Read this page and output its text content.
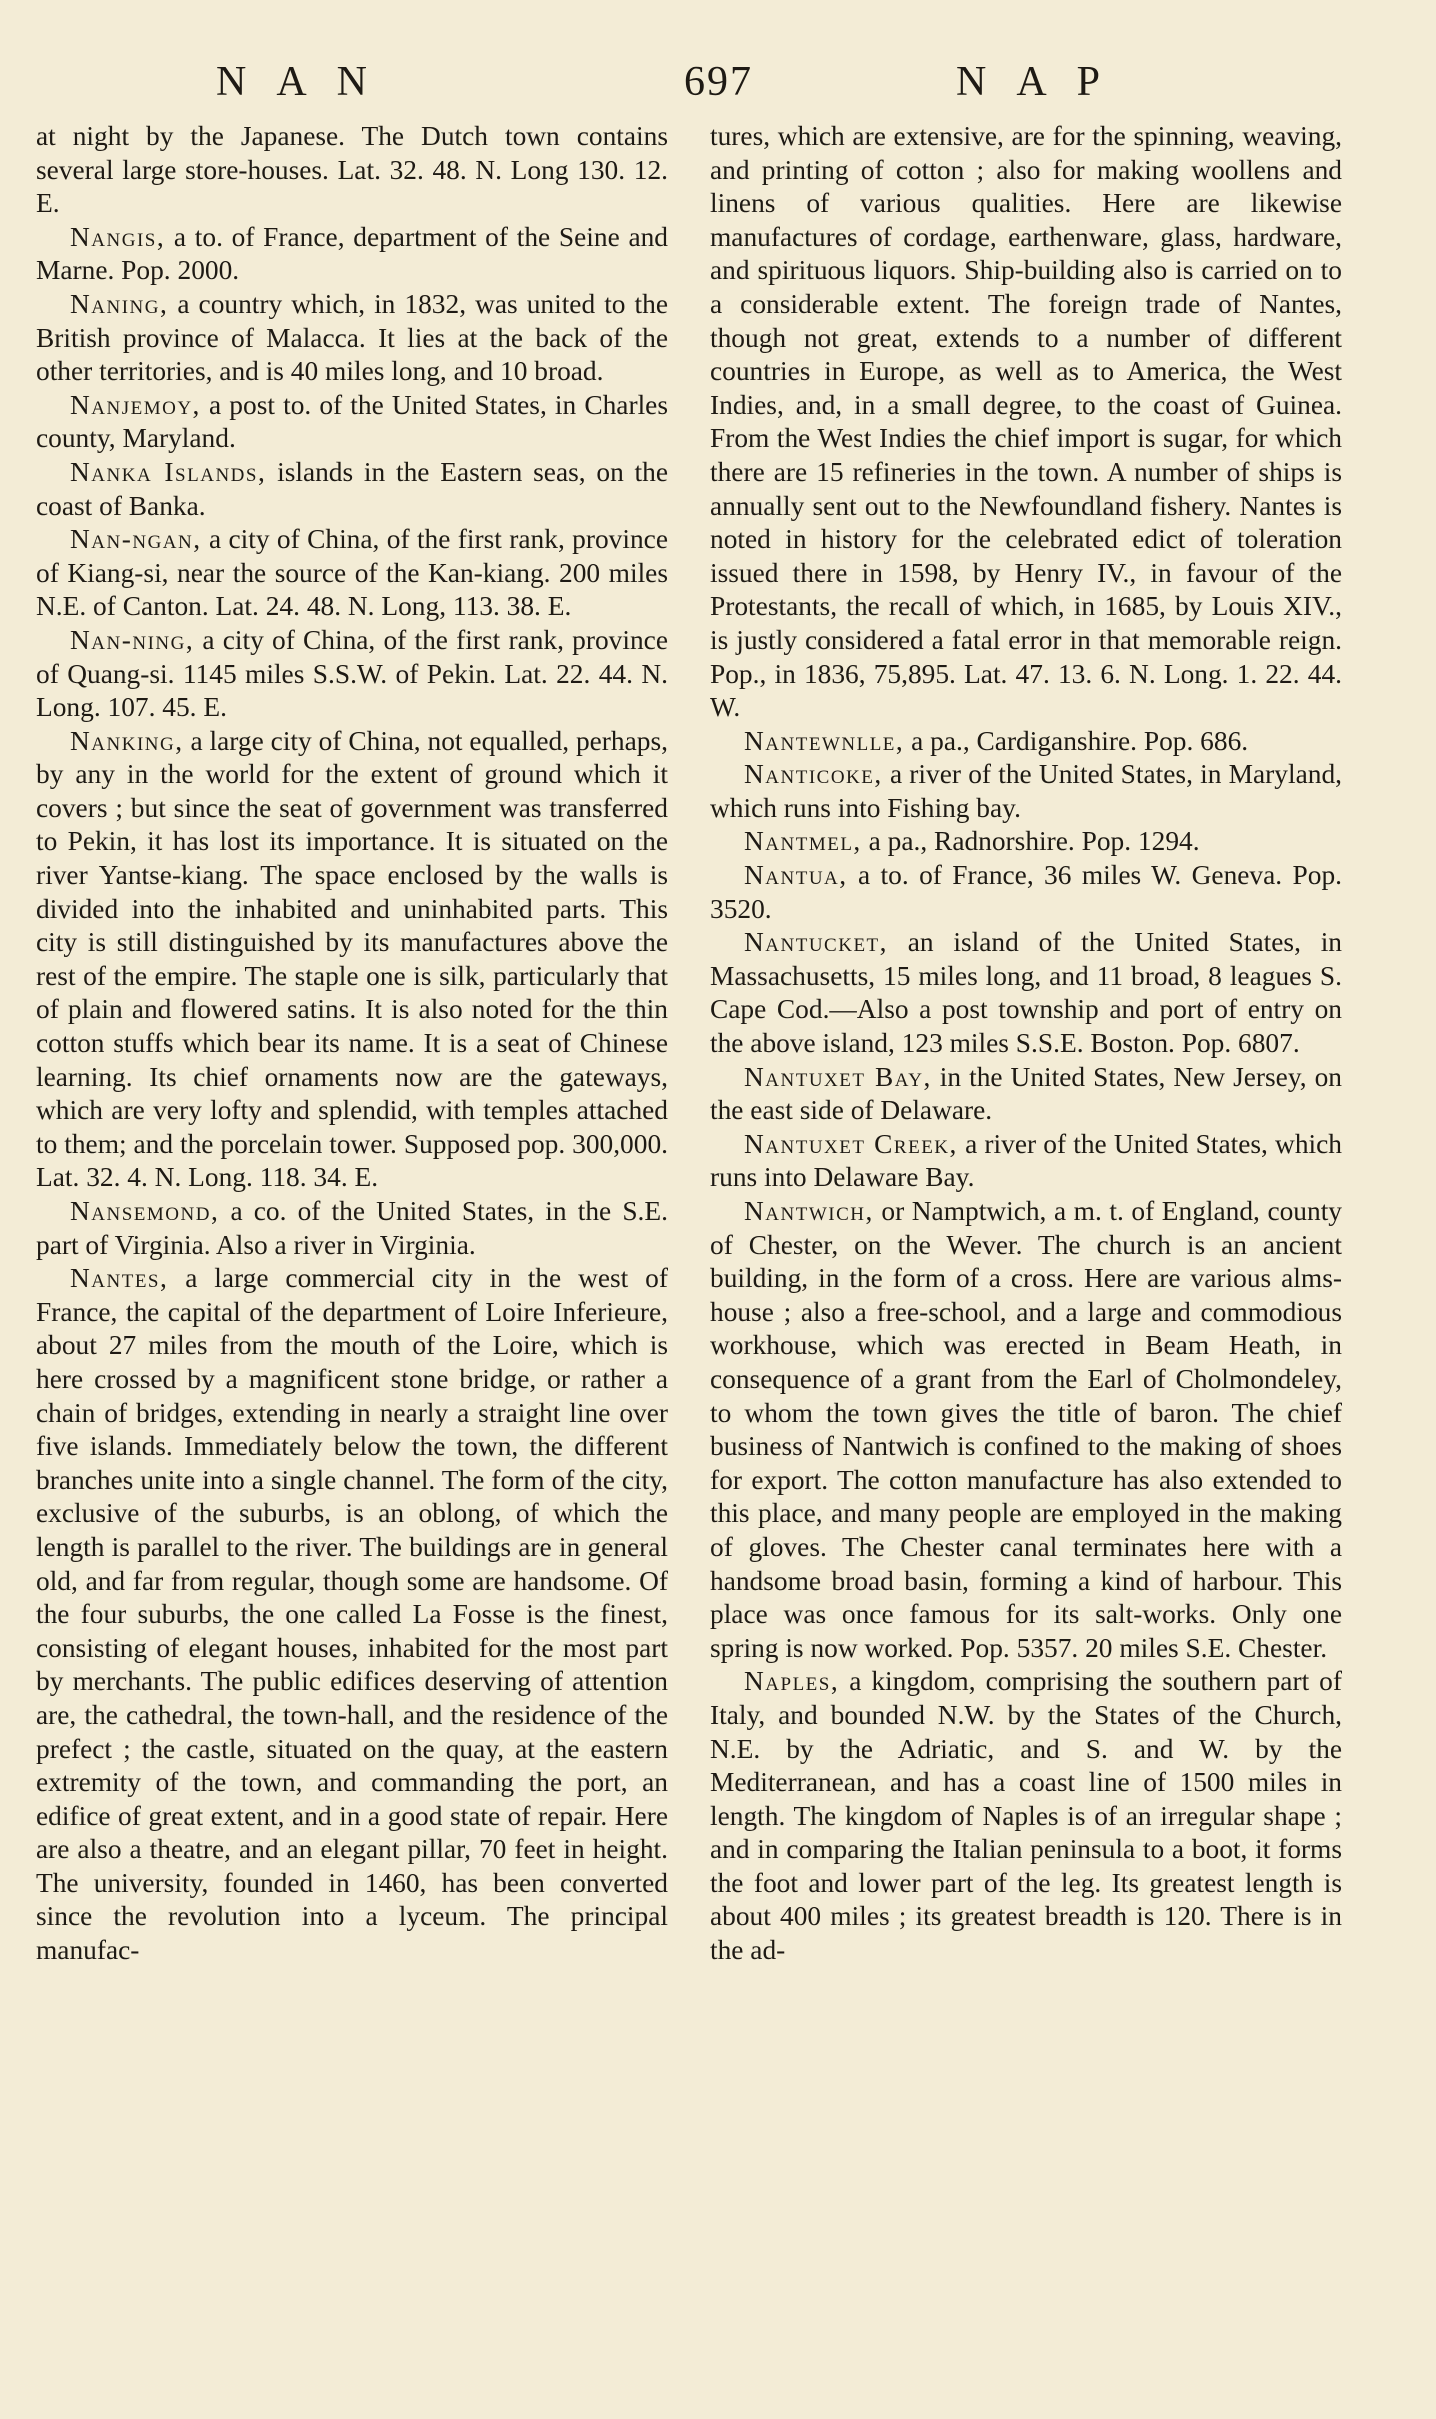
NAN	697	NAP

at night by the Japanese. The Dutch town contains several large store-houses. Lat. 32. 48. N. Long 130. 12. E.

Nangis, a to. of France, department of the Seine and Marne. Pop. 2000.

Naning, a country which, in 1832, was united to the British province of Malacca. It lies at the back of the other territories, and is 40 miles long, and 10 broad.

Nanjemoy, a post to. of the United States, in Charles county, Maryland.

Nanka Islands, islands in the Eastern seas, on the coast of Banka.

Nan-ngan, a city of China, of the first rank, province of Kiang-si, near the source of the Kan-kiang. 200 miles N.E. of Canton. Lat. 24. 48. N. Long, 113. 38. E.

Nan-ning, a city of China, of the first rank, province of Quang-si. 1145 miles S.S.W. of Pekin. Lat. 22. 44. N. Long. 107. 45. E.

Nanking, a large city of China, not equalled, perhaps, by any in the world for the extent of ground which it covers ; but since the seat of government was transferred to Pekin, it has lost its importance. It is situated on the river Yantse-kiang. The space enclosed by the walls is divided into the inhabited and uninhabited parts. This city is still distinguished by its manufactures above the rest of the empire. The staple one is silk, particularly that of plain and flowered satins. It is also noted for the thin cotton stuffs which bear its name. It is a seat of Chinese learning. Its chief ornaments now are the gateways, which are very lofty and splendid, with temples attached to them; and the porcelain tower. Supposed pop. 300,000. Lat. 32. 4. N. Long. 118. 34. E.

Nansemond, a co. of the United States, in the S.E. part of Virginia. Also a river in Virginia.

Nantes, a large commercial city in the west of France, the capital of the department of Loire Inferieure, about 27 miles from the mouth of the Loire, which is here crossed by a magnificent stone bridge, or rather a chain of bridges, extending in nearly a straight line over five islands. Immediately below the town, the different branches unite into a single channel. The form of the city, exclusive of the suburbs, is an oblong, of which the length is parallel to the river. The buildings are in general old, and far from regular, though some are handsome. Of the four suburbs, the one called La Fosse is the finest, consisting of elegant houses, inhabited for the most part by merchants. The public edifices deserving of attention are, the cathedral, the town-hall, and the residence of the prefect ; the castle, situated on the quay, at the eastern extremity of the town, and commanding the port, an edifice of great extent, and in a good state of repair. Here are also a theatre, and an elegant pillar, 70 feet in height. The university, founded in 1460, has been converted since the revolution into a lyceum. The principal manufac-

tures, which are extensive, are for the spinning, weaving, and printing of cotton ; also for making woollens and linens of various qualities. Here are likewise manufactures of cordage, earthenware, glass, hardware, and spirituous liquors. Ship-building also is carried on to a considerable extent. The foreign trade of Nantes, though not great, extends to a number of different countries in Europe, as well as to America, the West Indies, and, in a small degree, to the coast of Guinea. From the West Indies the chief import is sugar, for which there are 15 refineries in the town. A number of ships is annually sent out to the Newfoundland fishery. Nantes is noted in history for the celebrated edict of toleration issued there in 1598, by Henry IV., in favour of the Protestants, the recall of which, in 1685, by Louis XIV., is justly considered a fatal error in that memorable reign. Pop., in 1836, 75,895. Lat. 47. 13. 6. N. Long. 1. 22. 44. W.

Nantewnlle, a pa., Cardiganshire. Pop. 686.

Nanticoke, a river of the United States, in Maryland, which runs into Fishing bay.

Nantmel, a pa., Radnorshire. Pop. 1294.

Nantua, a to. of France, 36 miles W. Geneva. Pop. 3520.

Nantucket, an island of the United States, in Massachusetts, 15 miles long, and 11 broad, 8 leagues S. Cape Cod.—Also a post township and port of entry on the above island, 123 miles S.S.E. Boston. Pop. 6807.

Nantuxet Bay, in the United States, New Jersey, on the east side of Delaware.

Nantuxet Creek, a river of the United States, which runs into Delaware Bay.

Nantwich, or Namptwich, a m. t. of England, county of Chester, on the Wever. The church is an ancient building, in the form of a cross. Here are various alms-house ; also a free-school, and a large and commodious workhouse, which was erected in Beam Heath, in consequence of a grant from the Earl of Cholmondeley, to whom the town gives the title of baron. The chief business of Nantwich is confined to the making of shoes for export. The cotton manufacture has also extended to this place, and many people are employed in the making of gloves. The Chester canal terminates here with a handsome broad basin, forming a kind of harbour. This place was once famous for its salt-works. Only one spring is now worked. Pop. 5357. 20 miles S.E. Chester.

Naples, a kingdom, comprising the southern part of Italy, and bounded N.W. by the States of the Church, N.E. by the Adriatic, and S. and W. by the Mediterranean, and has a coast line of 1500 miles in length. The kingdom of Naples is of an irregular shape ; and in comparing the Italian peninsula to a boot, it forms the foot and lower part of the leg. Its greatest length is about 400 miles ; its greatest breadth is 120. There is in the ad-
